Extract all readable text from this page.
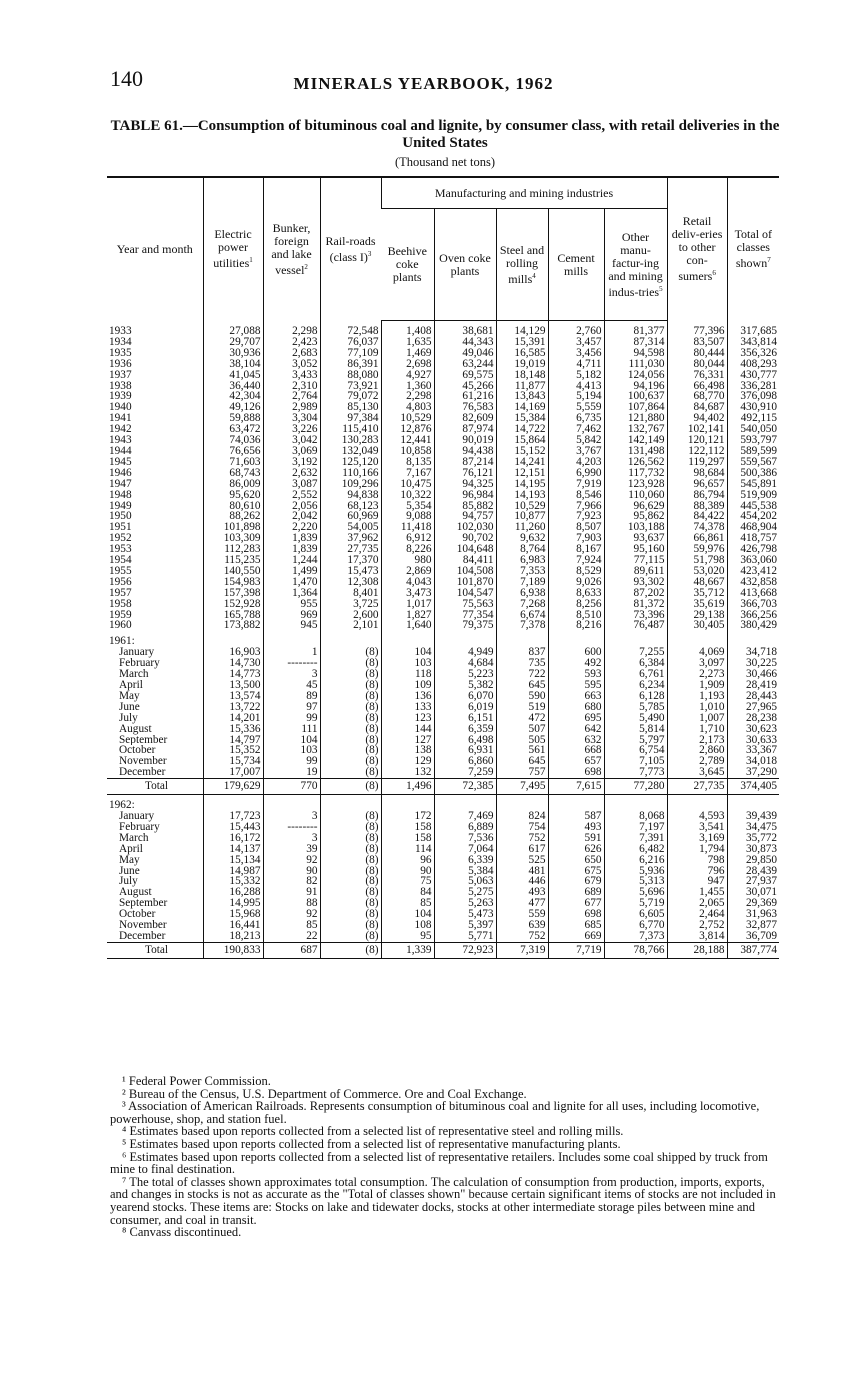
140	MINERALS YEARBOOK, 1962
TABLE 61.—Consumption of bituminous coal and lignite, by consumer class, with retail deliveries in the United States
(Thousand net tons)
Year and month	Electric power utilities$^1$	Bunker, foreign and lake vessel$^2$	Rail-roads (class I)$^3$	Manufacturing and mining industries					Retail deliv-eries to other con-sumers$^6$	Total of classes shown$^7$
				Beehive coke plants	Oven coke plants	Steel and rolling mills$^4$	Cement mills	Other manu-factur-ing and mining indus-tries$^5$
1933	27,088	2,298	72,548	1,408	38,681	14,129	2,760	81,377	77,396	317,685
1934	29,707	2,423	76,037	1,635	44,343	15,391	3,457	87,314	83,507	343,814
1935	30,936	2,683	77,109	1,469	49,046	16,585	3,456	94,598	80,444	356,326
1936	38,104	3,052	86,391	2,698	63,244	19,019	4,711	111,030	80,044	408,293
1937	41,045	3,433	88,080	4,927	69,575	18,148	5,182	124,056	76,331	430,777
1938	36,440	2,310	73,921	1,360	45,266	11,877	4,413	94,196	66,498	336,281
1939	42,304	2,764	79,072	2,298	61,216	13,843	5,194	100,637	68,770	376,098
1940	49,126	2,989	85,130	4,803	76,583	14,169	5,559	107,864	84,687	430,910
1941	59,888	3,304	97,384	10,529	82,609	15,384	6,735	121,880	94,402	492,115
1942	63,472	3,226	115,410	12,876	87,974	14,722	7,462	132,767	102,141	540,050
1943	74,036	3,042	130,283	12,441	90,019	15,864	5,842	142,149	120,121	593,797
1944	76,656	3,069	132,049	10,858	94,438	15,152	3,767	131,498	122,112	589,599
1945	71,603	3,192	125,120	8,135	87,214	14,241	4,203	126,562	119,297	559,567
1946	68,743	2,632	110,166	7,167	76,121	12,151	6,990	117,732	98,684	500,386
1947	86,009	3,087	109,296	10,475	94,325	14,195	7,919	123,928	96,657	545,891
1948	95,620	2,552	94,838	10,322	96,984	14,193	8,546	110,060	86,794	519,909
1949	80,610	2,056	68,123	5,354	85,882	10,529	7,966	96,629	88,389	445,538
1950	88,262	2,042	60,969	9,088	94,757	10,877	7,923	95,862	84,422	454,202
1951	101,898	2,220	54,005	11,418	102,030	11,260	8,507	103,188	74,378	468,904
1952	103,309	1,839	37,962	6,912	90,702	9,632	7,903	93,637	66,861	418,757
1953	112,283	1,839	27,735	8,226	104,648	8,764	8,167	95,160	59,976	426,798
1954	115,235	1,244	17,370	980	84,411	6,983	7,924	77,115	51,798	363,060
1955	140,550	1,499	15,473	2,869	104,508	7,353	8,529	89,611	53,020	423,412
1956	154,983	1,470	12,308	4,043	101,870	7,189	9,026	93,302	48,667	432,858
1957	157,398	1,364	8,401	3,473	104,547	6,938	8,633	87,202	35,712	413,668
1958	152,928	955	3,725	1,017	75,563	7,268	8,256	81,372	35,619	366,703
1959	165,788	969	2,600	1,827	77,354	6,674	8,510	73,396	29,138	366,256
1960	173,882	945	2,101	1,640	79,375	7,378	8,216	76,487	30,405	380,429
1961:										
January	16,903	1	(8)	104	4,949	837	600	7,255	4,069	34,718
February	14,730	--------	(8)	103	4,684	735	492	6,384	3,097	30,225
March	14,773	3	(8)	118	5,223	722	593	6,761	2,273	30,466
April	13,500	45	(8)	109	5,382	645	595	6,234	1,909	28,419
May	13,574	89	(8)	136	6,070	590	663	6,128	1,193	28,443
June	13,722	97	(8)	133	6,019	519	680	5,785	1,010	27,965
July	14,201	99	(8)	123	6,151	472	695	5,490	1,007	28,238
August	15,336	111	(8)	144	6,359	507	642	5,814	1,710	30,623
September	14,797	104	(8)	127	6,498	505	632	5,797	2,173	30,633
October	15,352	103	(8)	138	6,931	561	668	6,754	2,860	33,367
November	15,734	99	(8)	129	6,860	645	657	7,105	2,789	34,018
December	17,007	19	(8)	132	7,259	757	698	7,773	3,645	37,290
Total	179,629	770	(8)	1,496	72,385	7,495	7,615	77,280	27,735	374,405
1962:										
January	17,723	3	(8)	172	7,469	824	587	8,068	4,593	39,439
February	15,443	--------	(8)	158	6,889	754	493	7,197	3,541	34,475
March	16,172	3	(8)	158	7,536	752	591	7,391	3,169	35,772
April	14,137	39	(8)	114	7,064	617	626	6,482	1,794	30,873
May	15,134	92	(8)	96	6,339	525	650	6,216	798	29,850
June	14,987	90	(8)	90	5,384	481	675	5,936	796	28,439
July	15,332	82	(8)	75	5,063	446	679	5,313	947	27,937
August	16,288	91	(8)	84	5,275	493	689	5,696	1,455	30,071
September	14,995	88	(8)	85	5,263	477	677	5,719	2,065	29,369
October	15,968	92	(8)	104	5,473	559	698	6,605	2,464	31,963
November	16,441	85	(8)	108	5,397	639	685	6,770	2,752	32,877
December	18,213	22	(8)	95	5,771	752	669	7,373	3,814	36,709
Total	190,833	687	(8)	1,339	72,923	7,319	7,719	78,766	28,188	387,774

¹ Federal Power Commission.

² Bureau of the Census, U.S. Department of Commerce. Ore and Coal Exchange.

³ Association of American Railroads. Represents consumption of bituminous coal and lignite for all uses, including locomotive, powerhouse, shop, and station fuel.

⁴ Estimates based upon reports collected from a selected list of representative steel and rolling mills.

⁵ Estimates based upon reports collected from a selected list of representative manufacturing plants.

⁶ Estimates based upon reports collected from a selected list of representative retailers. Includes some coal shipped by truck from mine to final destination.

⁷ The total of classes shown approximates total consumption. The calculation of consumption from production, imports, exports, and changes in stocks is not as accurate as the "Total of classes shown" because certain significant items of stocks are not included in yearend stocks. These items are: Stocks on lake and tidewater docks, stocks at other intermediate storage piles between mine and consumer, and coal in transit.

⁸ Canvass discontinued.
